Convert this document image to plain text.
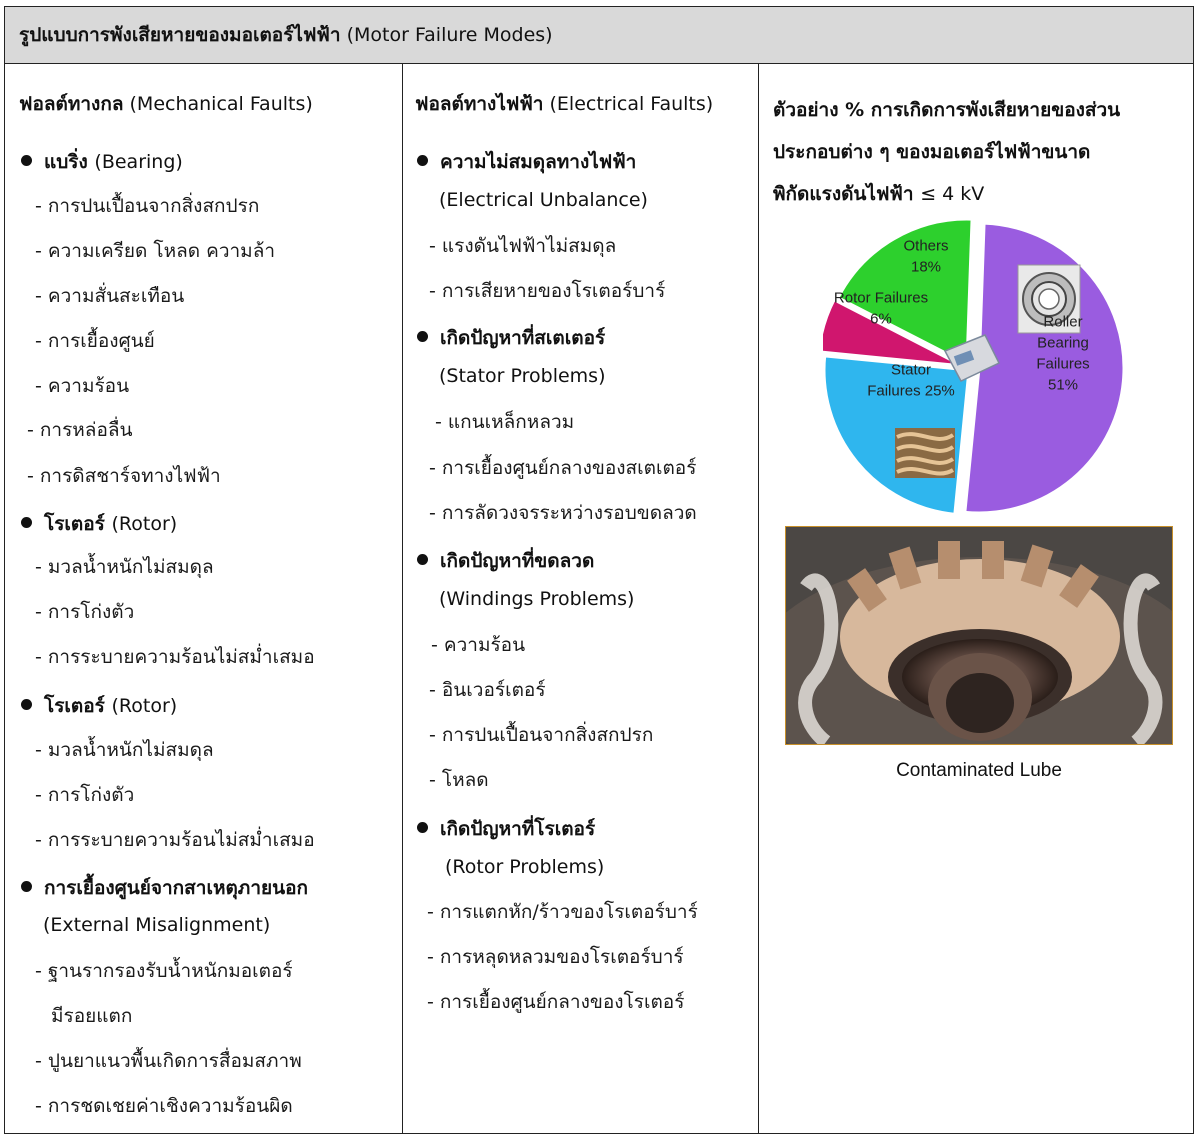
รูปแบบการพังเสียหายของมอเตอร์ไฟฟ้า
(Motor Failure Modes)
ฟอลต์ทางกล (Mechanical Faults)
แบริ่ง (Bearing)
- การปนเปื้อนจากสิ่งสกปรก
- ความเครียด โหลด ความล้า
- ความสั่นสะเทือน
- การเยื้องศูนย์
- ความร้อน
- การหล่อลื่น
- การดิสชาร์จทางไฟฟ้า
โรเตอร์ (Rotor)
- มวลน้ำหนักไม่สมดุล
- การโก่งตัว
- การระบายความร้อนไม่สม่ำเสมอ
โรเตอร์ (Rotor)
- มวลน้ำหนักไม่สมดุล
- การโก่งตัว
- การระบายความร้อนไม่สม่ำเสมอ
การเยื้องศูนย์จากสาเหตุภายนอก
(External Misalignment)
- ฐานรากรองรับน้ำหนักมอเตอร์
มีรอยแตก
- ปูนยาแนวพื้นเกิดการสื่อมสภาพ
- การชดเชยค่าเชิงความร้อนผิด
ฟอลต์ทางไฟฟ้า (Electrical Faults)
ความไม่สมดุลทางไฟฟ้า
(Electrical Unbalance)
- แรงดันไฟฟ้าไม่สมดุล
- การเสียหายของโรเตอร์บาร์
เกิดปัญหาที่สเตเตอร์
(Stator Problems)
- แกนเหล็กหลวม
- การเยื้องศูนย์กลางของสเตเตอร์
- การลัดวงจรระหว่างรอบขดลวด
เกิดปัญหาที่ขดลวด
(Windings Problems)
- ความร้อน
- อินเวอร์เตอร์
- การปนเปื้อนจากสิ่งสกปรก
- โหลด
เกิดปัญหาที่โรเตอร์
(Rotor Problems)
- การแตกหัก/ร้าวของโรเตอร์บาร์
- การหลุดหลวมของโรเตอร์บาร์
- การเยื้องศูนย์กลางของโรเตอร์
ตัวอย่าง % การเกิดการพังเสียหายของส่วน
ประกอบต่าง ๆ ของมอเตอร์ไฟฟ้าขนาด
พิกัดแรงดันไฟฟ้า ≤ 4 kV
Roller Bearing Failures 51%
Stator Failures 25%
Rotor Failures 6%
Others 18%
Contaminated Lube
